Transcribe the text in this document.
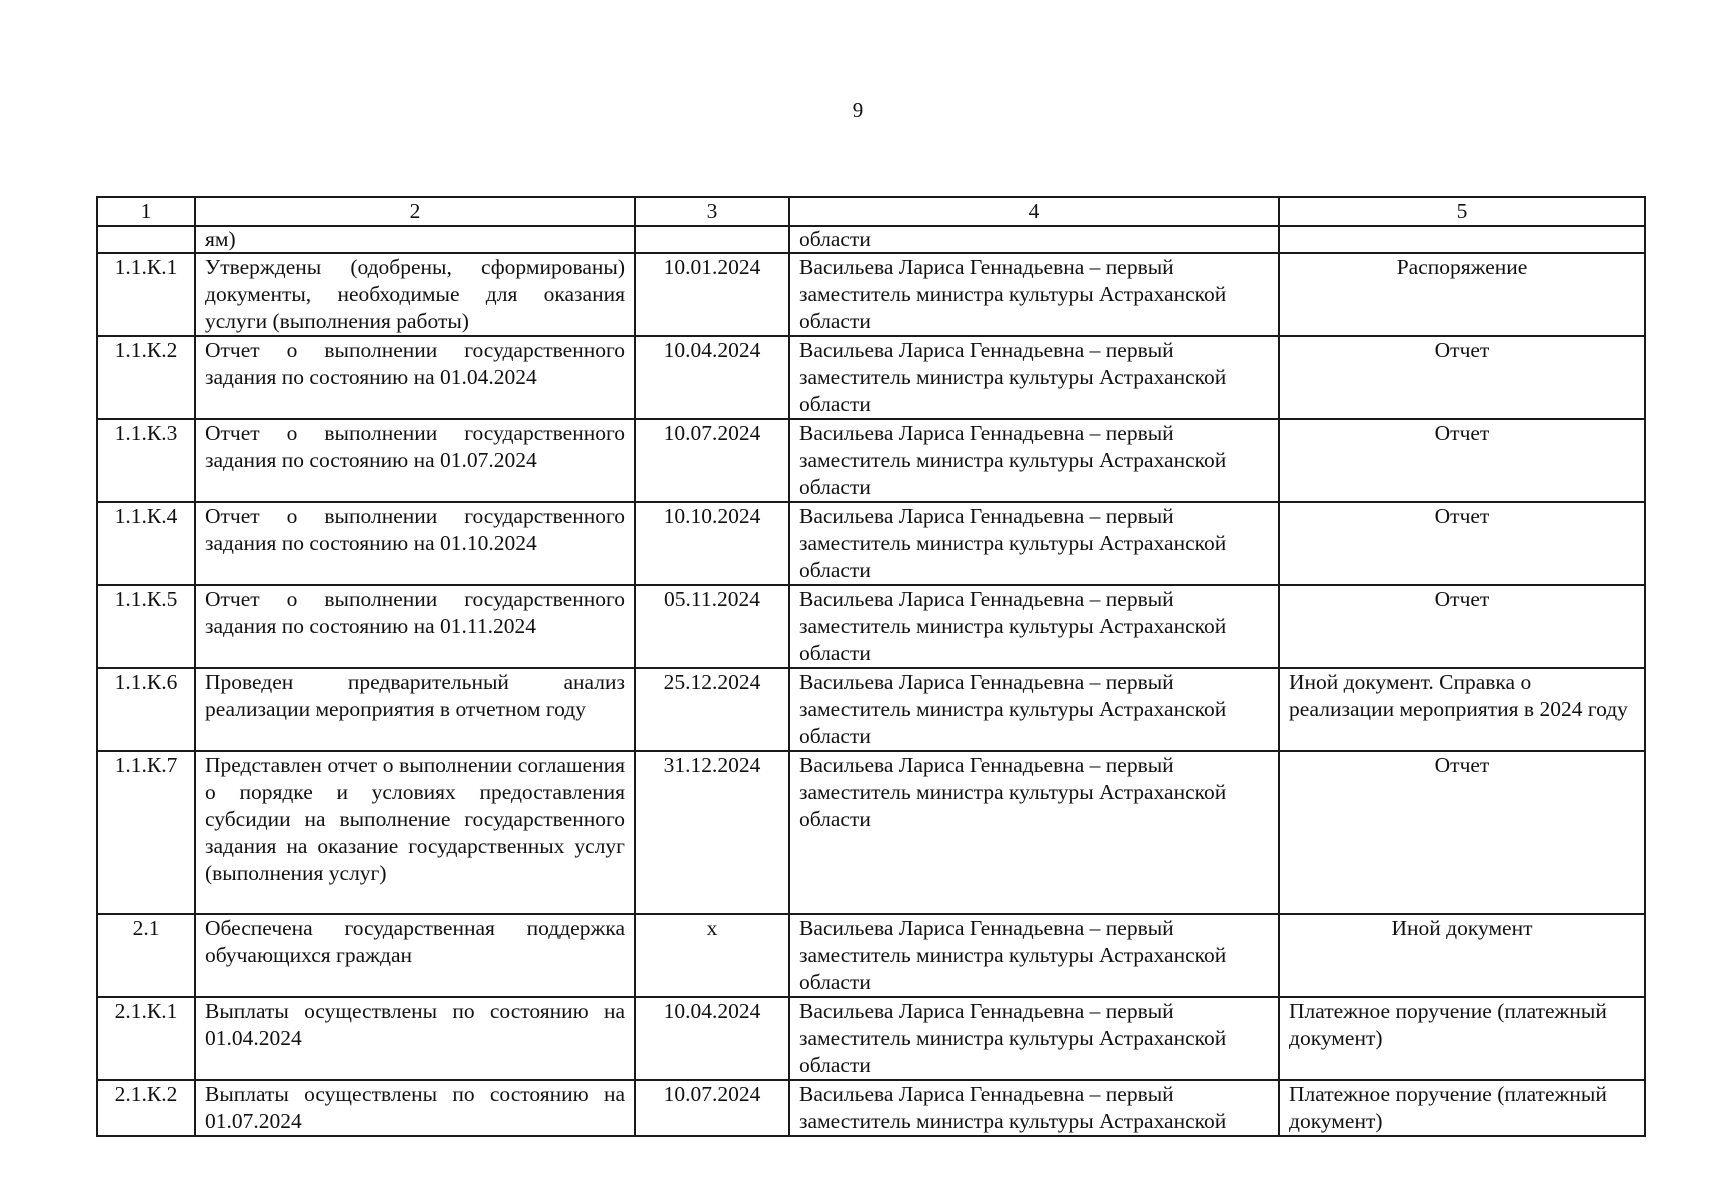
9
1	2	3	4	5
	ям)		области	
1.1.К.1	Утверждены (одобрены, сформированы) документы, необходимые для оказания услуги (выполнения работы)	10.01.2024	Васильева Лариса Геннадьевна – первый заместитель министра культуры Астраханской области	Распоряжение
1.1.К.2	Отчет о выполнении государственного задания по состоянию на 01.04.2024	10.04.2024	Васильева Лариса Геннадьевна – первый заместитель министра культуры Астраханской области	Отчет
1.1.К.3	Отчет о выполнении государственного задания по состоянию на 01.07.2024	10.07.2024	Васильева Лариса Геннадьевна – первый заместитель министра культуры Астраханской области	Отчет
1.1.К.4	Отчет о выполнении государственного задания по состоянию на 01.10.2024	10.10.2024	Васильева Лариса Геннадьевна – первый заместитель министра культуры Астраханской области	Отчет
1.1.К.5	Отчет о выполнении государственного задания по состоянию на 01.11.2024	05.11.2024	Васильева Лариса Геннадьевна – первый заместитель министра культуры Астраханской области	Отчет
1.1.К.6	Проведен предварительный анализ реализации мероприятия в отчетном году	25.12.2024	Васильева Лариса Геннадьевна – первый заместитель министра культуры Астраханской области	Иной документ. Справка о реализации мероприятия в 2024 году
1.1.К.7	Представлен отчет о выполнении соглашения о порядке и условиях предоставления субсидии на выполнение государственного задания на оказание государственных услуг (выполнения услуг)	31.12.2024	Васильева Лариса Геннадьевна – первый заместитель министра культуры Астраханской области	Отчет
2.1	Обеспечена государственная поддержка обучающихся граждан	х	Васильева Лариса Геннадьевна – первый заместитель министра культуры Астраханской области	Иной документ
2.1.К.1	Выплаты осуществлены по состоянию на 01.04.2024	10.04.2024	Васильева Лариса Геннадьевна – первый заместитель министра культуры Астраханской области	Платежное поручение (платежный документ)
2.1.К.2	Выплаты осуществлены по состоянию на 01.07.2024	10.07.2024	Васильева Лариса Геннадьевна – первый заместитель министра культуры Астраханской	Платежное поручение (платежный документ)
